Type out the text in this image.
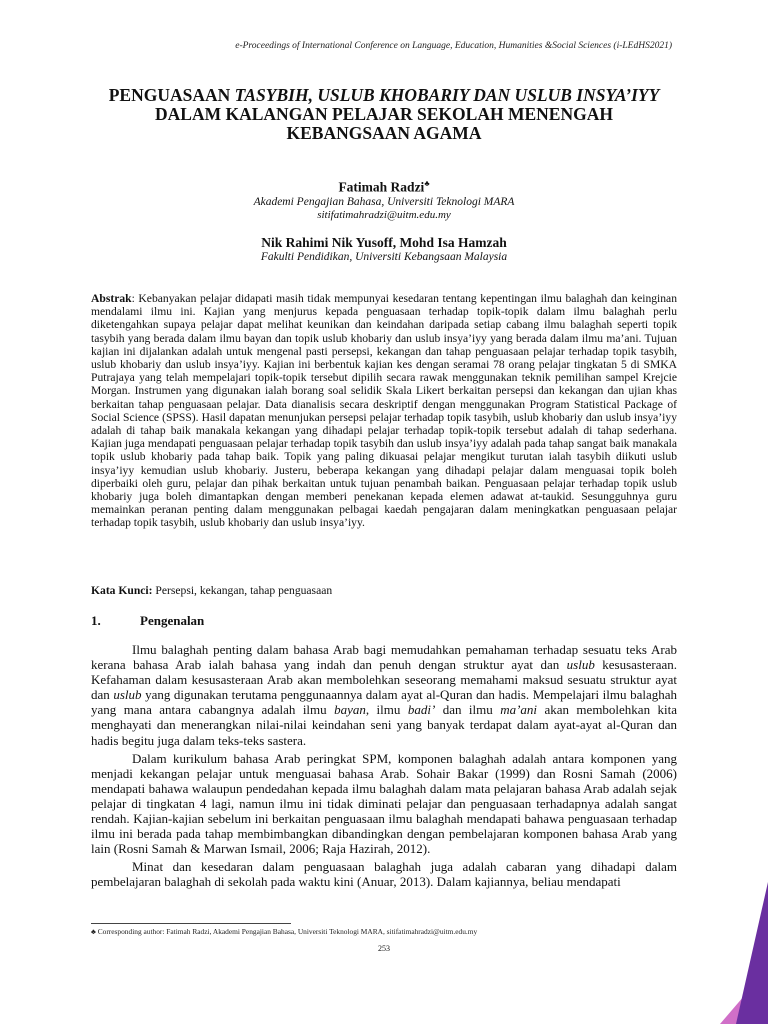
e-Proceedings of International Conference on Language, Education, Humanities &Social Sciences (i-LEdHS2021)
PENGUASAAN TASYBIH, USLUB KHOBARIY DAN USLUB INSYA’IYY
DALAM KALANGAN PELAJAR SEKOLAH MENENGAH
KEBANGSAAN AGAMA
Fatimah Radzi♣
Akademi Pengajian Bahasa, Universiti Teknologi MARA
sitifatimahradzi@uitm.edu.my
Nik Rahimi Nik Yusoff, Mohd Isa Hamzah
Fakulti Pendidikan, Universiti Kebangsaan Malaysia
Abstrak: Kebanyakan pelajar didapati masih tidak mempunyai kesedaran tentang kepentingan ilmu balaghah dan keinginan mendalami ilmu ini. Kajian yang menjurus kepada penguasaan terhadap topik-topik dalam ilmu balaghah perlu diketengahkan supaya pelajar dapat melihat keunikan dan keindahan daripada setiap cabang ilmu balaghah seperti topik tasybih yang berada dalam ilmu bayan dan topik uslub khobariy dan uslub insya’iyy yang berada dalam ilmu ma’ani. Tujuan kajian ini dijalankan adalah untuk mengenal pasti persepsi, kekangan dan tahap penguasaan pelajar terhadap topik tasybih, uslub khobariy dan uslub insya’iyy. Kajian ini berbentuk kajian kes dengan seramai 78 orang pelajar tingkatan 5 di SMKA Putrajaya yang telah mempelajari topik-topik tersebut dipilih secara rawak menggunakan teknik pemilihan sampel Krejcie Morgan. Instrumen yang digunakan ialah borang soal selidik Skala Likert berkaitan persepsi dan kekangan dan ujian khas berkaitan tahap penguasaan pelajar. Data dianalisis secara deskriptif dengan menggunakan Program Statistical Package of Social Science (SPSS). Hasil dapatan menunjukan persepsi pelajar terhadap topik tasybih, uslub khobariy dan uslub insya’iyy adalah di tahap baik manakala kekangan yang dihadapi pelajar terhadap topik-topik tersebut adalah di tahap sederhana. Kajian juga mendapati penguasaan pelajar terhadap topik tasybih dan uslub insya’iyy adalah pada tahap sangat baik manakala topik uslub khobariy pada tahap baik. Topik yang paling dikuasai pelajar mengikut turutan ialah tasybih diikuti uslub insya’iyy kemudian uslub khobariy. Justeru, beberapa kekangan yang dihadapi pelajar dalam menguasai topik boleh diperbaiki oleh guru, pelajar dan pihak berkaitan untuk tujuan penambah baikan. Penguasaan pelajar terhadap topik uslub khobariy juga boleh dimantapkan dengan memberi penekanan kepada elemen adawat at-taukid. Sesungguhnya guru memainkan peranan penting dalam menggunakan pelbagai kaedah pengajaran dalam meningkatkan penguasaan pelajar terhadap topik tasybih, uslub khobariy dan uslub insya’iyy.
Kata Kunci: Persepsi, kekangan, tahap penguasaan
1.	Pengenalan

Ilmu balaghah penting dalam bahasa Arab bagi memudahkan pemahaman terhadap sesuatu teks Arab kerana bahasa Arab ialah bahasa yang indah dan penuh dengan struktur ayat dan uslub kesusasteraan. Kefahaman dalam kesusasteraan Arab akan membolehkan seseorang memahami maksud sesuatu struktur ayat dan uslub yang digunakan terutama penggunaannya dalam ayat al-Quran dan hadis. Mempelajari ilmu balaghah yang mana antara cabangnya adalah ilmu bayan, ilmu badi’ dan ilmu ma’ani akan membolehkan kita menghayati dan menerangkan nilai-nilai keindahan seni yang banyak terdapat dalam ayat-ayat al-Quran dan hadis begitu juga dalam teks-teks sastera.

Dalam kurikulum bahasa Arab peringkat SPM, komponen balaghah adalah antara komponen yang menjadi kekangan pelajar untuk menguasai bahasa Arab. Sohair Bakar (1999) dan Rosni Samah (2006) mendapati bahawa walaupun pendedahan kepada ilmu balaghah dalam mata pelajaran bahasa Arab adalah sejak pelajar di tingkatan 4 lagi, namun ilmu ini tidak diminati pelajar dan penguasaan terhadapnya adalah sangat rendah. Kajian-kajian sebelum ini berkaitan penguasaan ilmu balaghah mendapati bahawa penguasaan terhadap ilmu ini berada pada tahap membimbangkan dibandingkan dengan pembelajaran komponen bahasa Arab yang lain (Rosni Samah & Marwan Ismail, 2006; Raja Hazirah, 2012).

Minat dan kesedaran dalam penguasaan balaghah juga adalah cabaran yang dihadapi dalam pembelajaran balaghah di sekolah pada waktu kini (Anuar, 2013). Dalam kajiannya, beliau mendapati

♣ Corresponding author: Fatimah Radzi, Akademi Pengajian Bahasa, Universiti Teknologi MARA, sitifatimahradzi@uitm.edu.my
253
